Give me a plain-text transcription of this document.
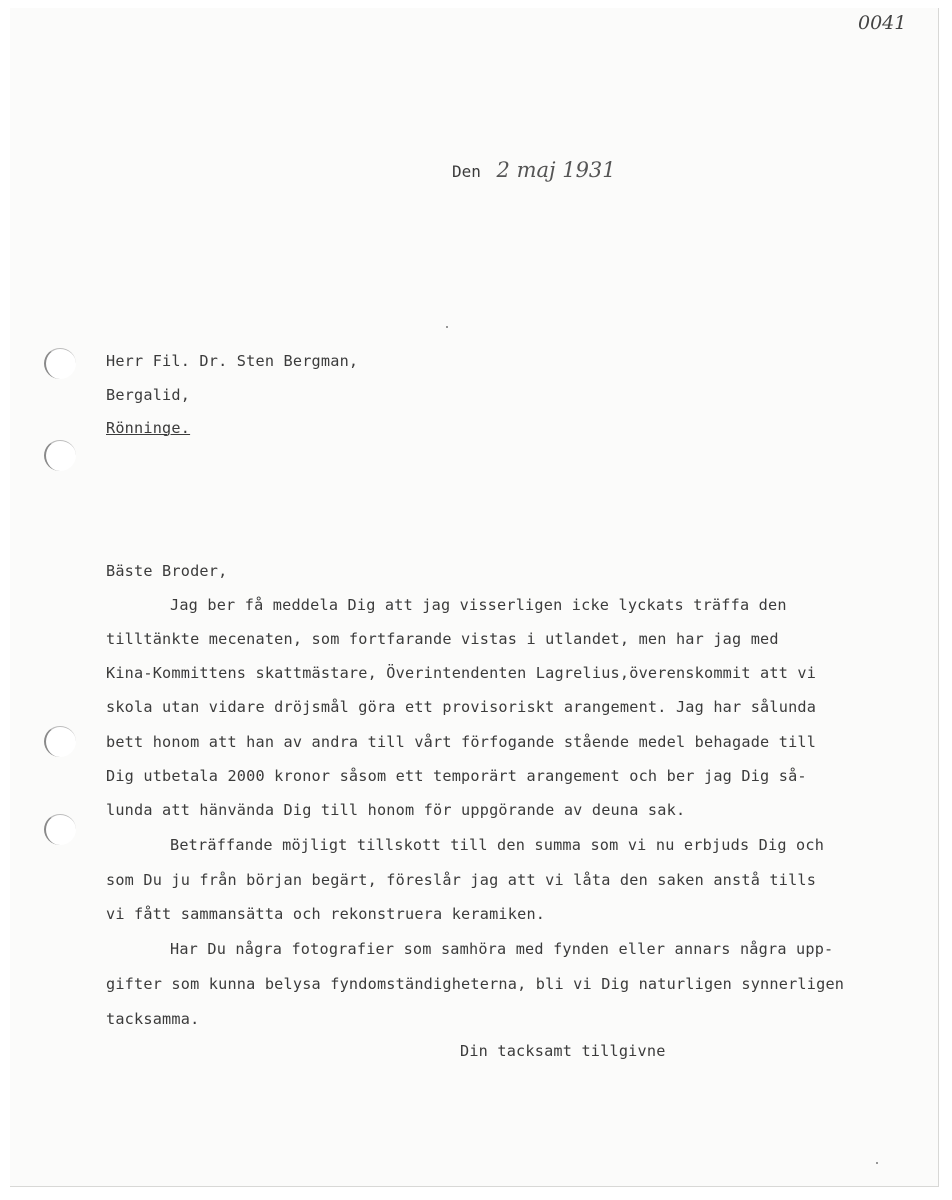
0041
Den 2 maj 1931
Herr Fil. Dr. Sten Bergman,
Bergalid,
Rönninge.
Bäste Broder,
Jag ber få meddela Dig att jag visserligen icke lyckats träffa den
tilltänkte mecenaten, som fortfarande vistas i utlandet, men har jag med
Kina-Kommittens skattmästare, Överintendenten Lagrelius,överenskommit att vi
skola utan vidare dröjsmål göra ett provisoriskt arangement. Jag har sålunda
bett honom att han av andra till vårt förfogande stående medel behagade till
Dig utbetala 2000 kronor såsom ett temporärt arangement och ber jag Dig så-
lunda att hänvända Dig till honom för uppgörande av deuna sak.
Beträffande möjligt tillskott till den summa som vi nu erbjuds Dig och
som Du ju från början begärt, föreslår jag att vi låta den saken anstå tills
vi fått sammansätta och rekonstruera keramiken.
Har Du några fotografier som samhöra med fynden eller annars några upp-
gifter som kunna belysa fyndomständigheterna, bli vi Dig naturligen synnerligen
tacksamma.
Din tacksamt tillgivne
